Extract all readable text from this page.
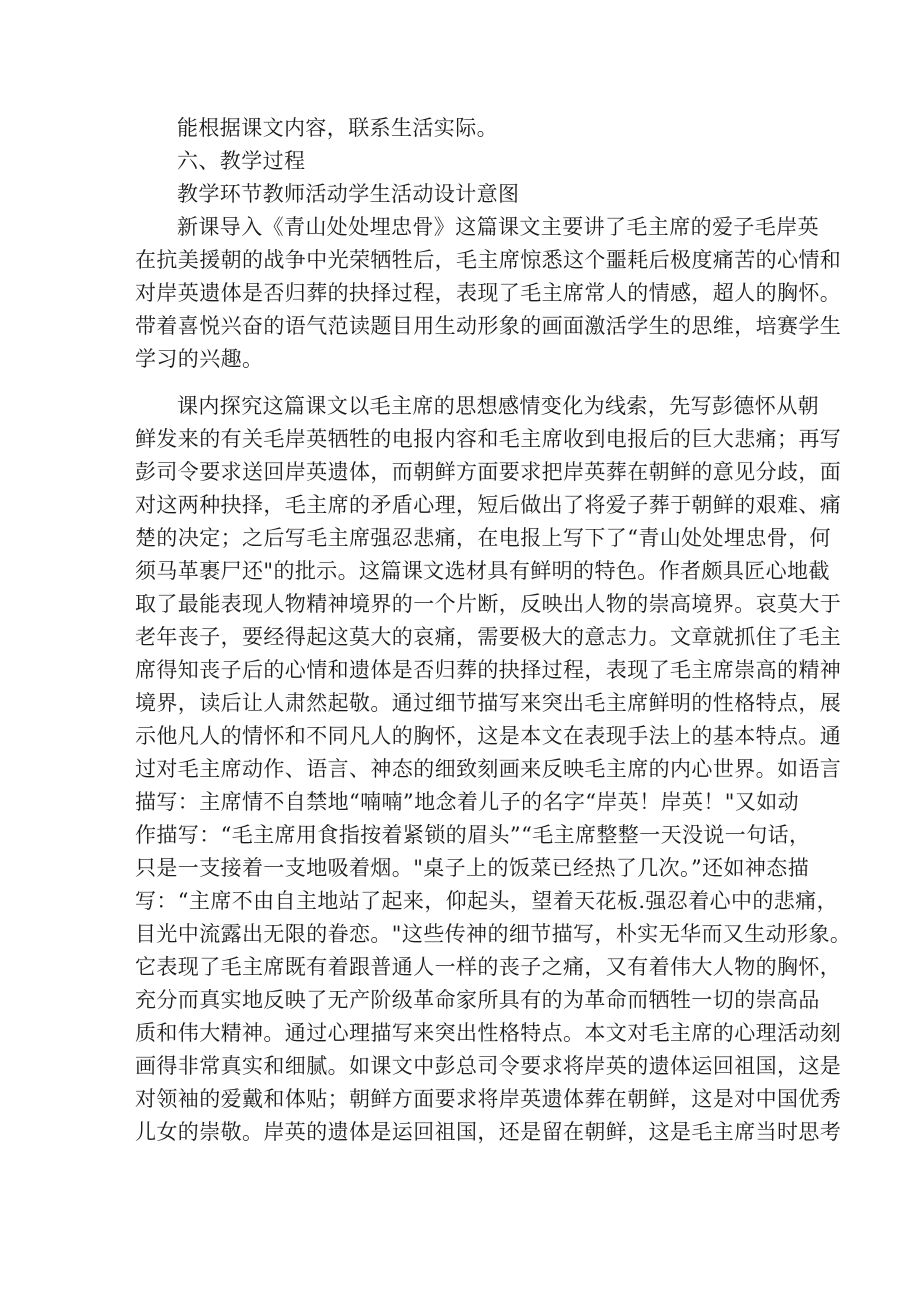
能根据课文内容，联系生活实际。
六、教学过程
教学环节教师活动学生活动设计意图
新课导入《青山处处埋忠骨》这篇课文主要讲了毛主席的爱子毛岸英
在抗美援朝的战争中光荣牺牲后，毛主席惊悉这个噩耗后极度痛苦的心情和
对岸英遗体是否归葬的抉择过程，表现了毛主席常人的情感，超人的胸怀。
带着喜悦兴奋的语气范读题目用生动形象的画面激活学生的思维，培赛学生
学习的兴趣。
课内探究这篇课文以毛主席的思想感情变化为线索，先写彭德怀从朝
鲜发来的有关毛岸英牺牲的电报内容和毛主席收到电报后的巨大悲痛；再写
彭司令要求送回岸英遗体，而朝鲜方面要求把岸英葬在朝鲜的意见分歧，面
对这两种抉择，毛主席的矛盾心理，短后做出了将爱子葬于朝鲜的艰难、痛
楚的决定；之后写毛主席强忍悲痛，在电报上写下了“青山处处埋忠骨，何
须马革裹尸还"的批示。这篇课文选材具有鲜明的特色。作者颇具匠心地截
取了最能表现人物精神境界的一个片断，反映出人物的崇高境界。哀莫大于
老年丧子，要经得起这莫大的哀痛，需要极大的意志力。文章就抓住了毛主
席得知丧子后的心情和遗体是否归葬的抉择过程，表现了毛主席崇高的精神
境界，读后让人肃然起敬。通过细节描写来突出毛主席鲜明的性格特点，展
示他凡人的情怀和不同凡人的胸怀，这是本文在表现手法上的基本特点。通
过对毛主席动作、语言、神态的细致刻画来反映毛主席的内心世界。如语言
描写：主席情不自禁地“喃喃”地念着儿子的名字“岸英！岸英！"又如动
作描写：“毛主席用食指按着紧锁的眉头”“毛主席整整一天没说一句话，
只是一支接着一支地吸着烟。"桌子上的饭菜已经热了几次。”还如神态描
写：“主席不由自主地站了起来，仰起头，望着天花板.强忍着心中的悲痛，
目光中流露出无限的眷恋。"这些传神的细节描写，朴实无华而又生动形象。
它表现了毛主席既有着跟普通人一样的丧子之痛，又有着伟大人物的胸怀，
充分而真实地反映了无产阶级革命家所具有的为革命而牺牲一切的崇高品
质和伟大精神。通过心理描写来突出性格特点。本文对毛主席的心理活动刻
画得非常真实和细腻。如课文中彭总司令要求将岸英的遗体运回祖国，这是
对领袖的爱戴和体贴；朝鲜方面要求将岸英遗体葬在朝鲜，这是对中国优秀
儿女的崇敬。岸英的遗体是运回祖国，还是留在朝鲜，这是毛主席当时思考
